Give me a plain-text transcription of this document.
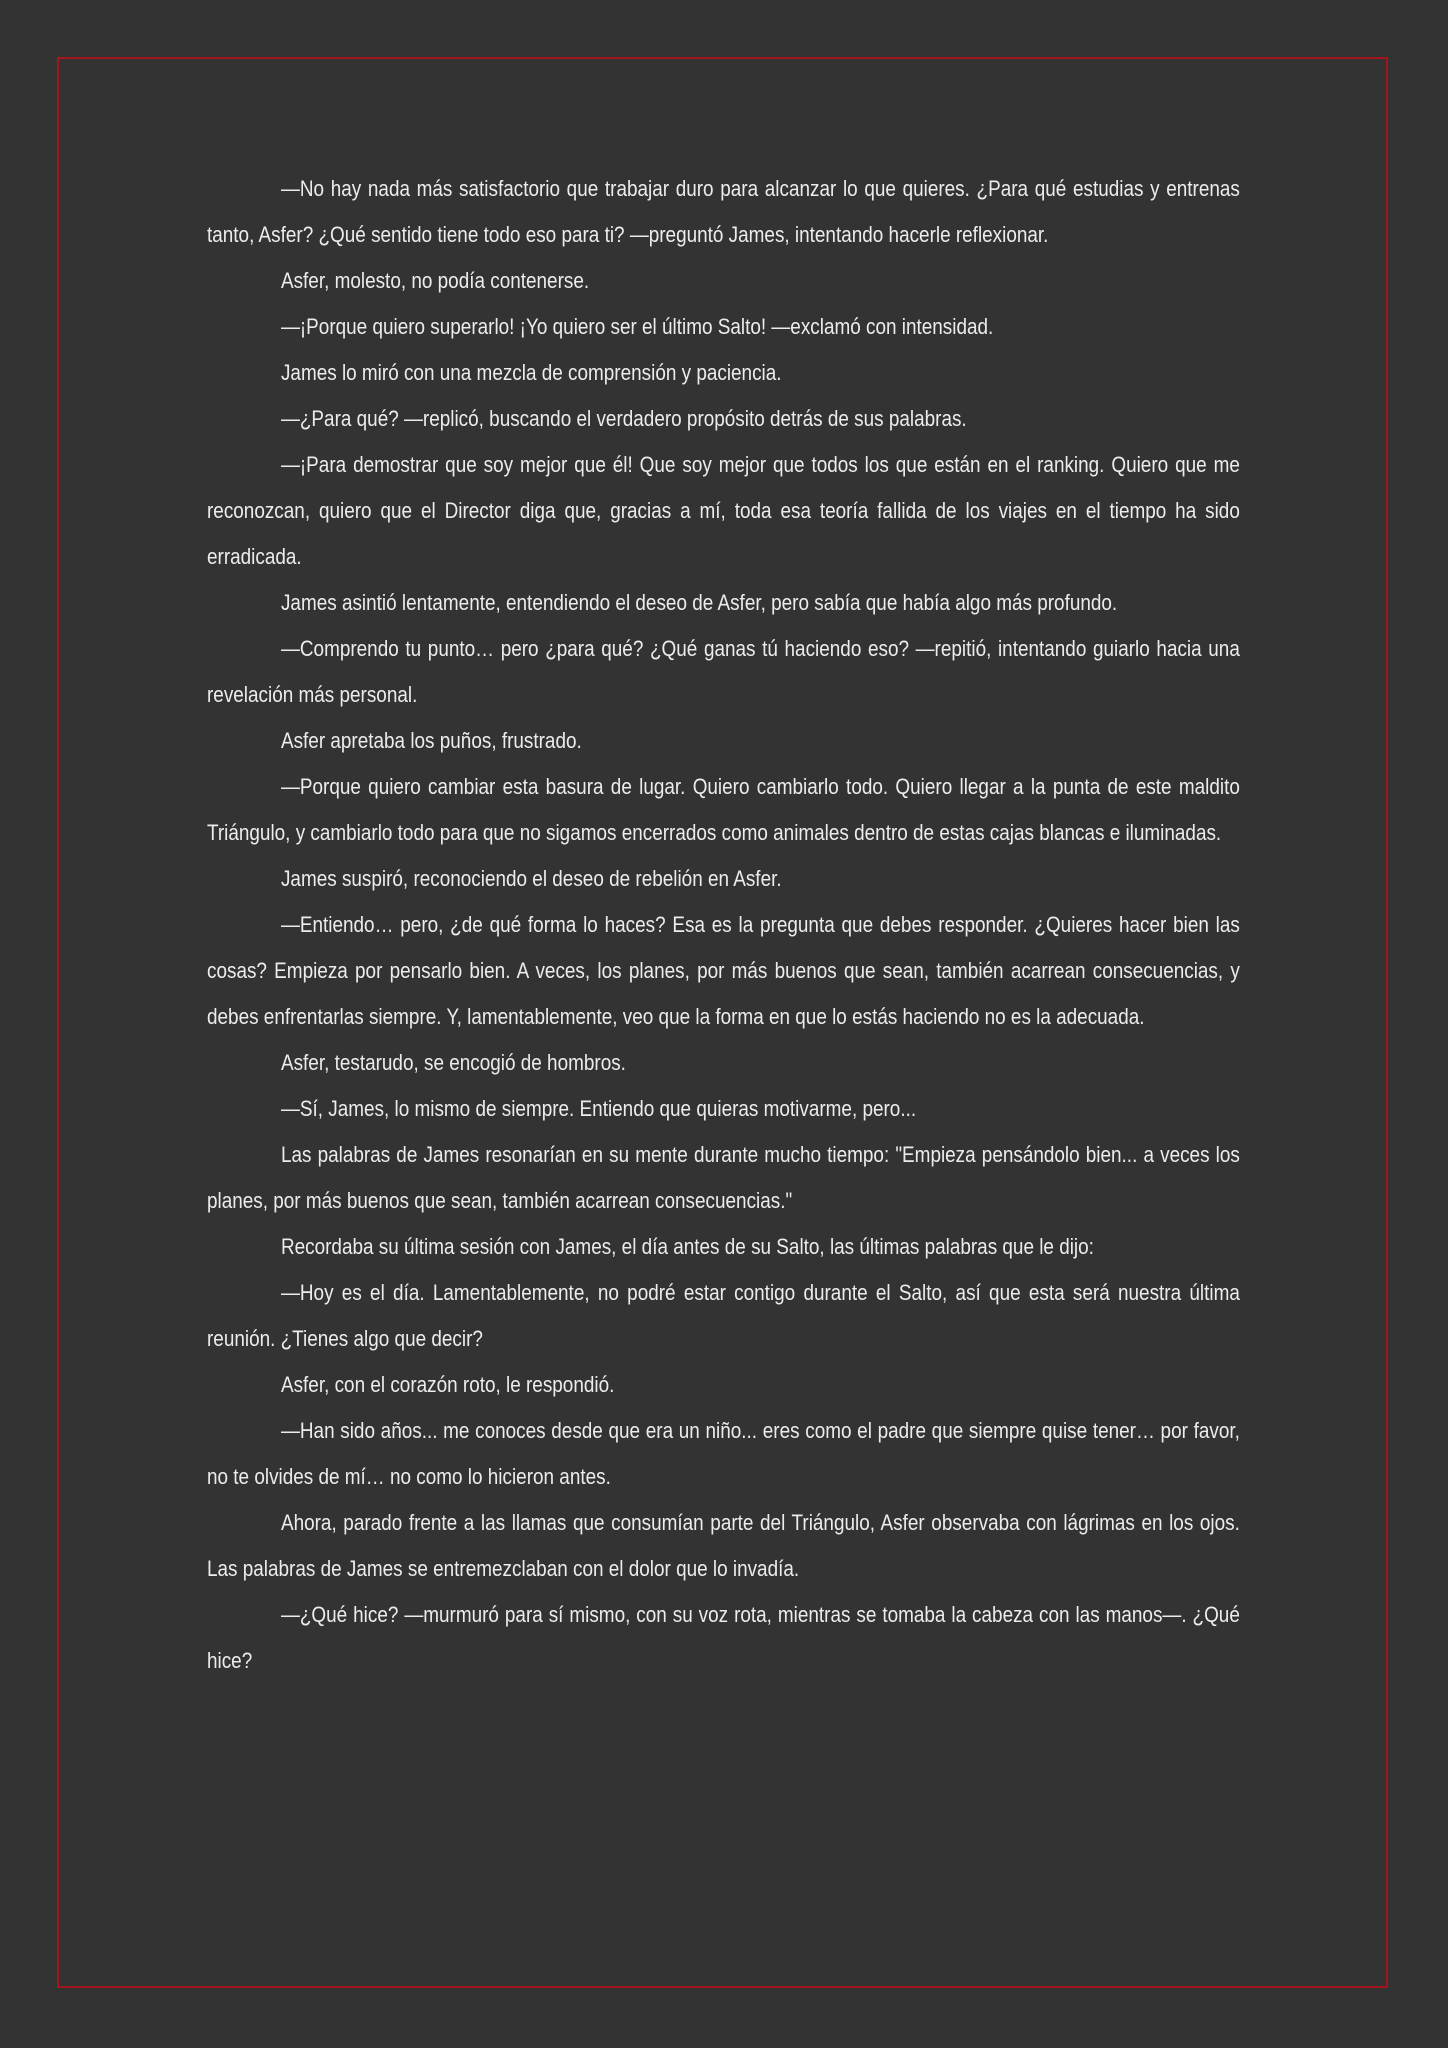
—No hay nada más satisfactorio que trabajar duro para alcanzar lo que quieres. ¿Para qué estudias y entrenas tanto, Asfer? ¿Qué sentido tiene todo eso para ti? —preguntó James, intentando hacerle reflexionar.

Asfer, molesto, no podía contenerse.

—¡Porque quiero superarlo! ¡Yo quiero ser el último Salto! —exclamó con intensidad.

James lo miró con una mezcla de comprensión y paciencia.

—¿Para qué? —replicó, buscando el verdadero propósito detrás de sus palabras.

—¡Para demostrar que soy mejor que él! Que soy mejor que todos los que están en el ranking. Quiero que me reconozcan, quiero que el Director diga que, gracias a mí, toda esa teoría fallida de los viajes en el tiempo ha sido erradicada.

James asintió lentamente, entendiendo el deseo de Asfer, pero sabía que había algo más profundo.

—Comprendo tu punto… pero ¿para qué? ¿Qué ganas tú haciendo eso? —repitió, intentando guiarlo hacia una revelación más personal.

Asfer apretaba los puños, frustrado.

—Porque quiero cambiar esta basura de lugar. Quiero cambiarlo todo. Quiero llegar a la punta de este maldito Triángulo, y cambiarlo todo para que no sigamos encerrados como animales dentro de estas cajas blancas e iluminadas.

James suspiró, reconociendo el deseo de rebelión en Asfer.

—Entiendo… pero, ¿de qué forma lo haces? Esa es la pregunta que debes responder. ¿Quieres hacer bien las cosas? Empieza por pensarlo bien. A veces, los planes, por más buenos que sean, también acarrean consecuencias, y debes enfrentarlas siempre. Y, lamentablemente, veo que la forma en que lo estás haciendo no es la adecuada.

Asfer, testarudo, se encogió de hombros.

—Sí, James, lo mismo de siempre. Entiendo que quieras motivarme, pero...

Las palabras de James resonarían en su mente durante mucho tiempo: "Empieza pensándolo bien... a veces los planes, por más buenos que sean, también acarrean consecuencias."

Recordaba su última sesión con James, el día antes de su Salto, las últimas palabras que le dijo:

—Hoy es el día. Lamentablemente, no podré estar contigo durante el Salto, así que esta será nuestra última reunión. ¿Tienes algo que decir?

Asfer, con el corazón roto, le respondió.

—Han sido años... me conoces desde que era un niño... eres como el padre que siempre quise tener… por favor, no te olvides de mí… no como lo hicieron antes.

Ahora, parado frente a las llamas que consumían parte del Triángulo, Asfer observaba con lágrimas en los ojos. Las palabras de James se entremezclaban con el dolor que lo invadía.

—¿Qué hice? —murmuró para sí mismo, con su voz rota, mientras se tomaba la cabeza con las manos—. ¿Qué hice?
